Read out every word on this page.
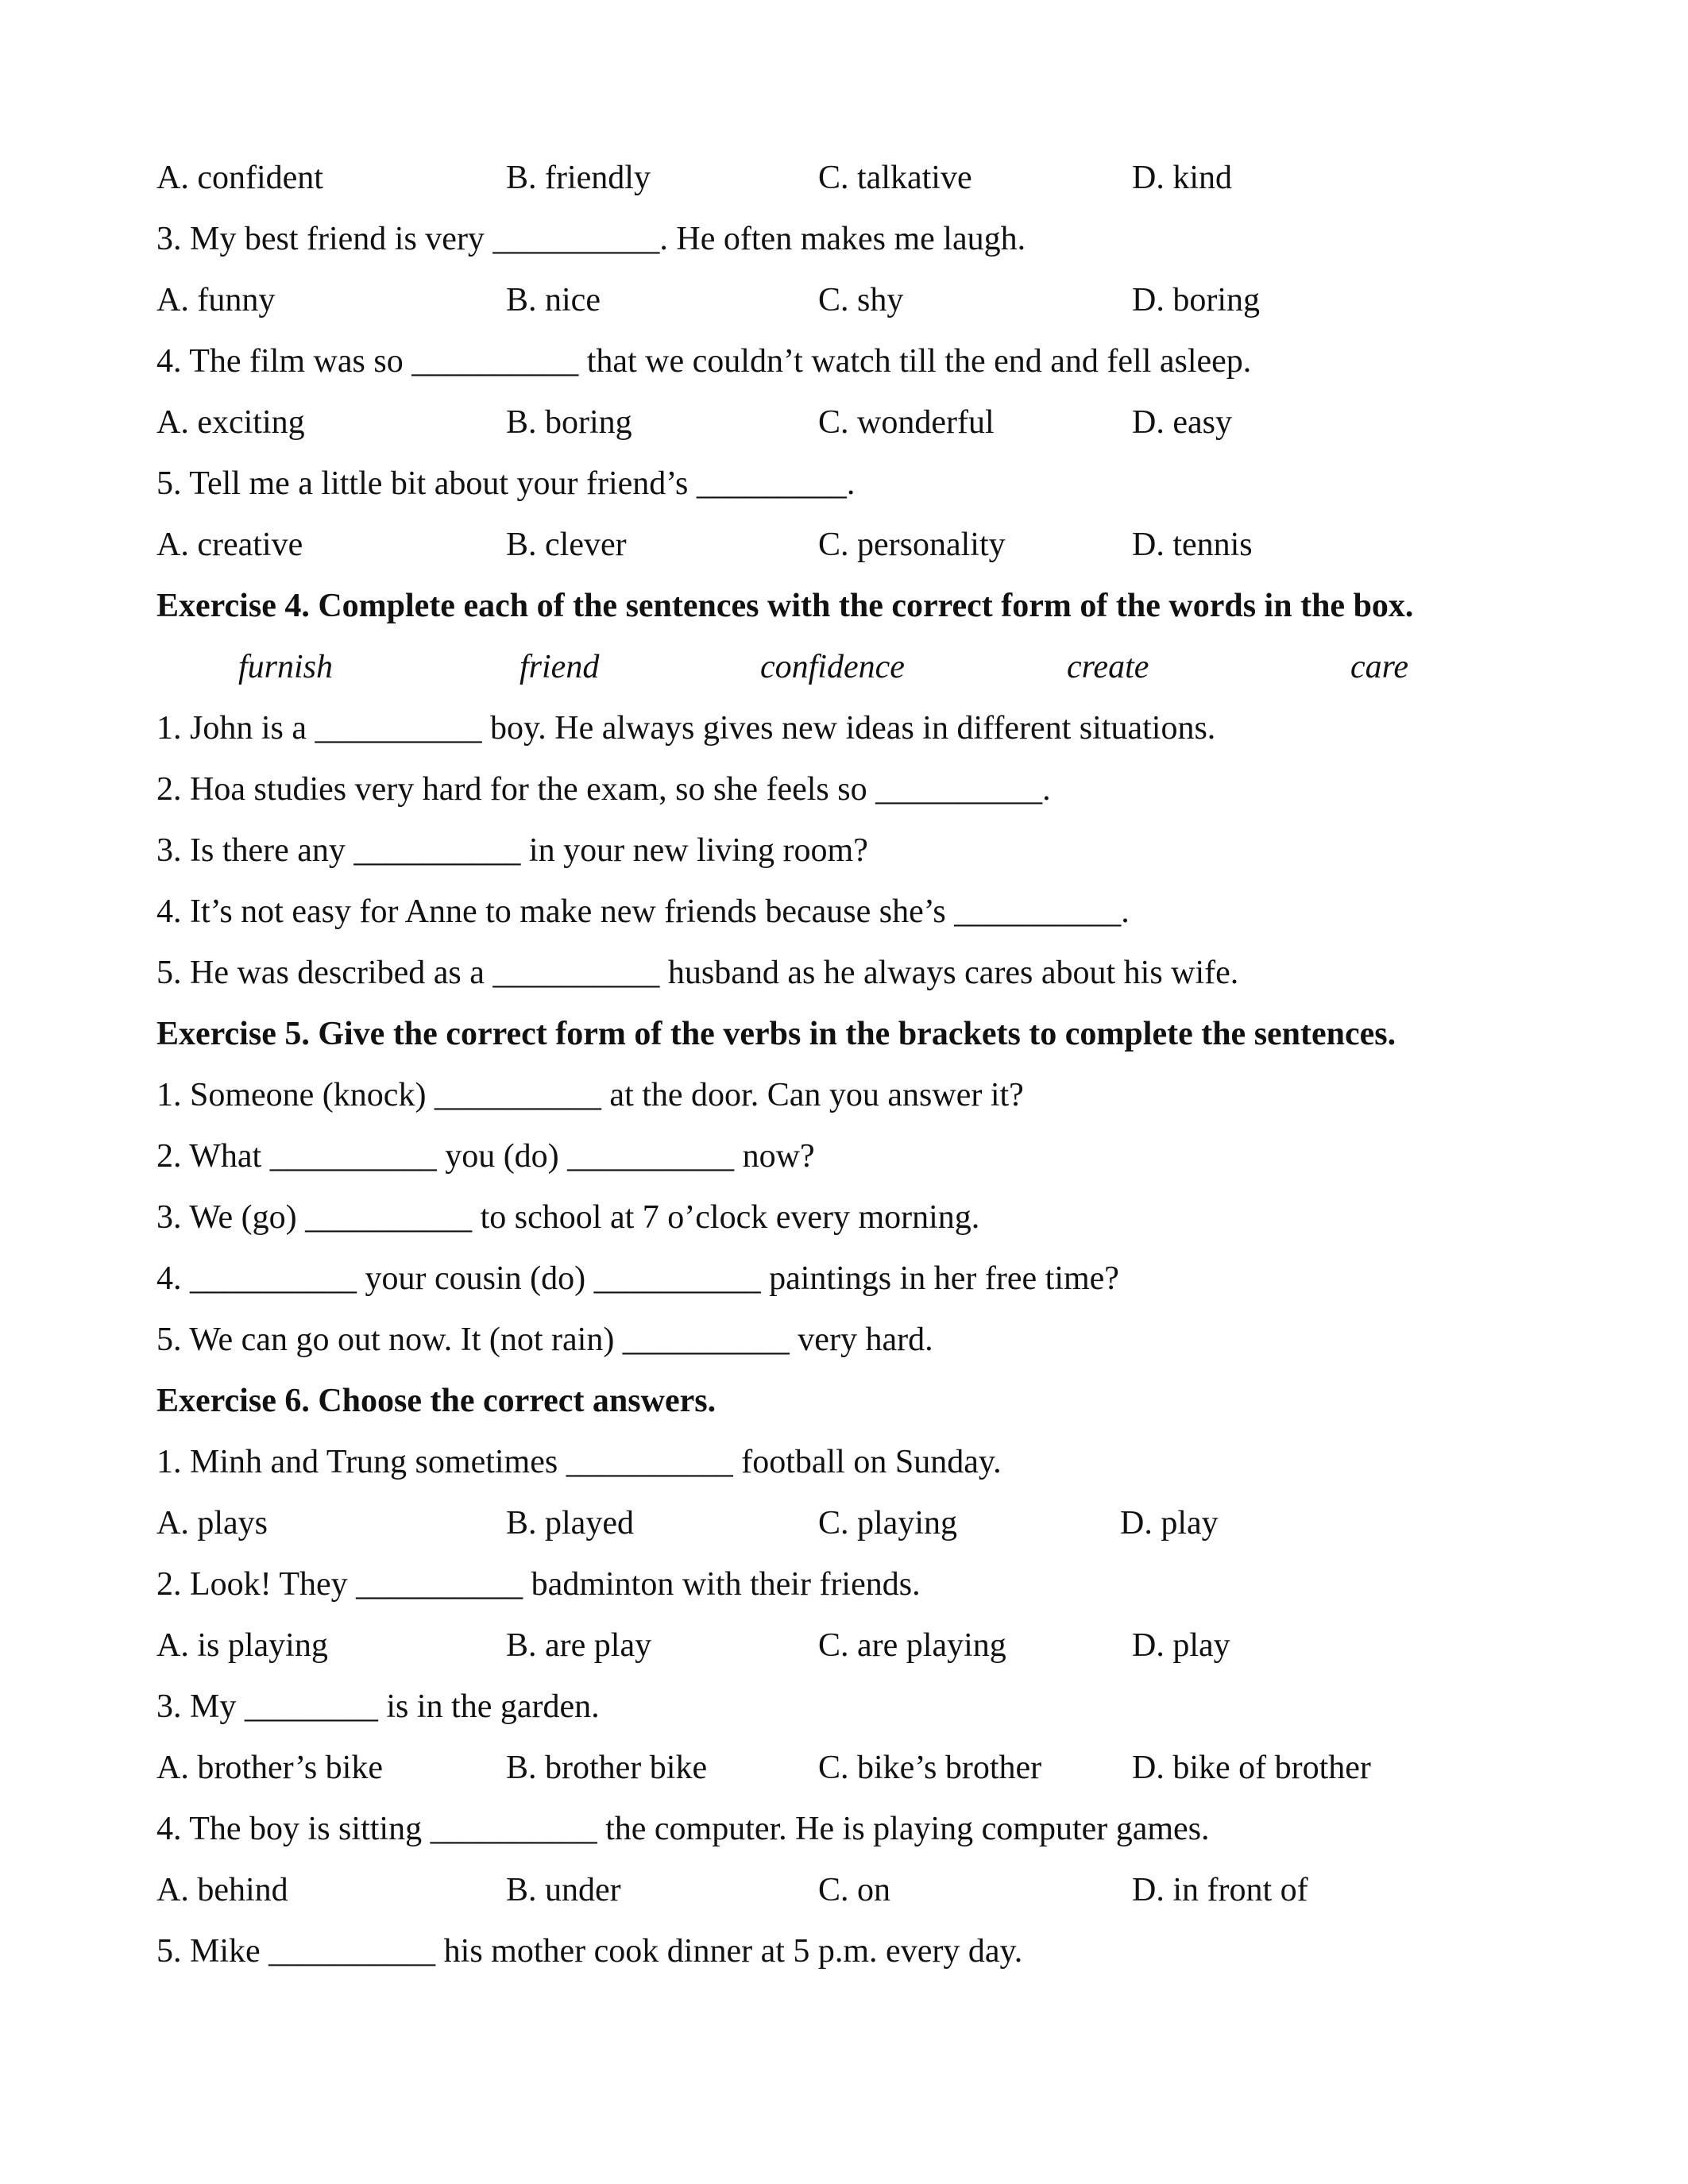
A. confident	B. friendly	C. talkative	D. kind
3. My best friend is very __________. He often makes me laugh.
A. funny	B. nice	C. shy	D. boring
4. The film was so __________ that we couldn’t watch till the end and fell asleep.
A. exciting	B. boring	C. wonderful	D. easy
5. Tell me a little bit about your friend’s _________.
A. creative	B. clever	C. personality	D. tennis
Exercise 4. Complete each of the sentences with the correct form of the words in the box.
furnish	friend	confidence	create	care
1. John is a __________ boy. He always gives new ideas in different situations.
2. Hoa studies very hard for the exam, so she feels so __________.
3. Is there any __________ in your new living room?
4. It’s not easy for Anne to make new friends because she’s __________.
5. He was described as a __________ husband as he always cares about his wife.
Exercise 5. Give the correct form of the verbs in the brackets to complete the sentences.
1. Someone (knock) __________ at the door. Can you answer it?
2. What __________ you (do) __________ now?
3. We (go) __________ to school at 7 o’clock every morning.
4. __________ your cousin (do) __________ paintings in her free time?
5. We can go out now. It (not rain) __________ very hard.
Exercise 6. Choose the correct answers.
1. Minh and Trung sometimes __________ football on Sunday.
A. plays	B. played	C. playing	D. play
2. Look! They __________ badminton with their friends.
A. is playing	B. are play	C. are playing	D. play
3. My ________ is in the garden.
A. brother’s bike	B. brother bike	C. bike’s brother	D. bike of brother
4. The boy is sitting __________ the computer. He is playing computer games.
A. behind	B. under	C. on	D. in front of
5. Mike __________ his mother cook dinner at 5 p.m. every day.
